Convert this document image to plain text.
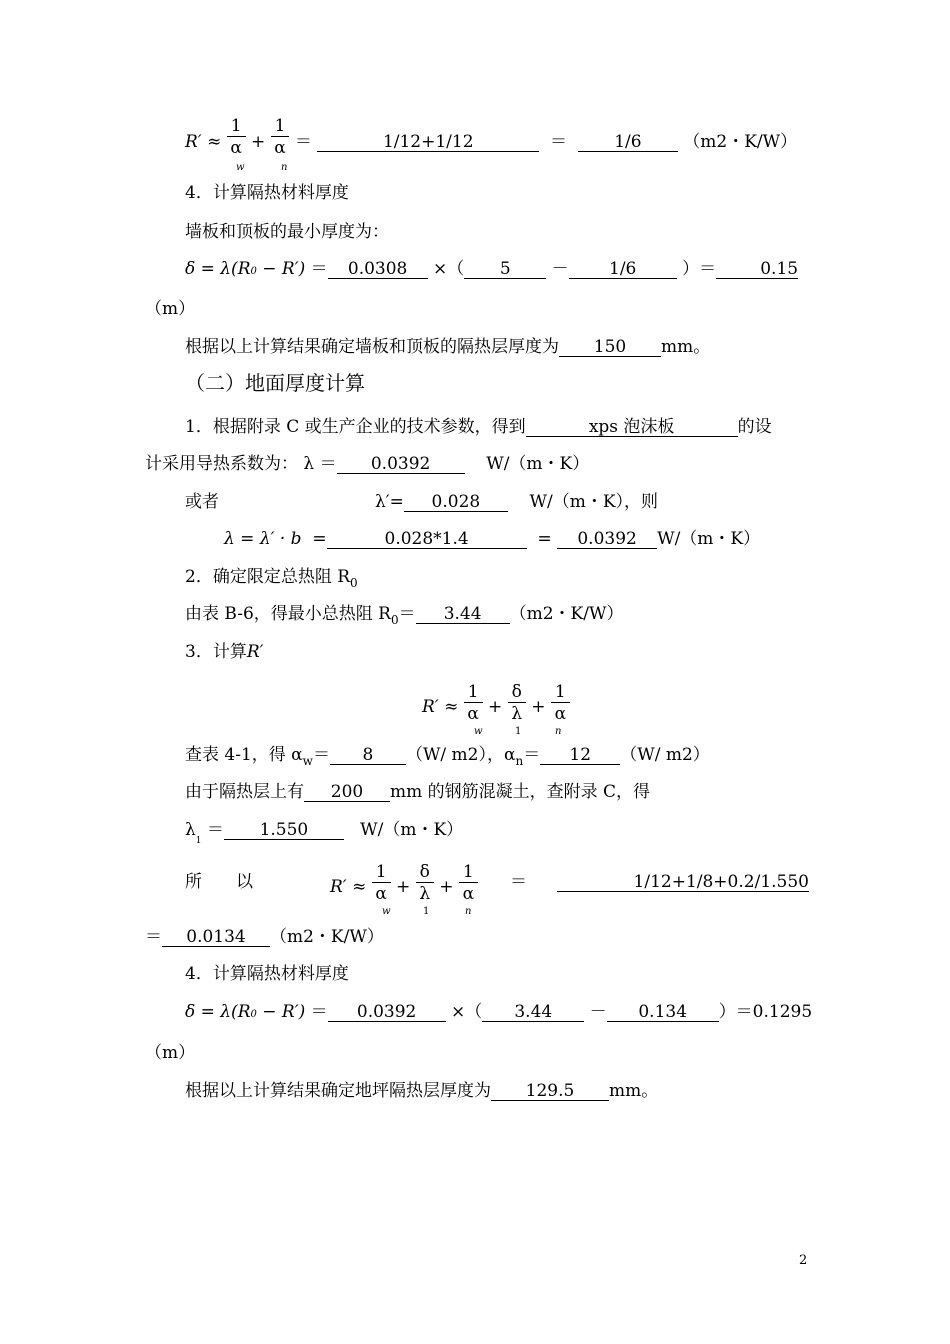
$R' \approx \frac{1}{\alpha} + \frac{1}{\alpha}$ ＝	1/12+1/12	＝  1/6 （m2・K/W）
w	n
4．计算隔热材料厚度
墙板和顶板的最小厚度为：
δ = λ(R0 − R′) ＝ 0.0308 ×（ 5 － 1/6 ）＝	0.15
（m）
根据以上计算结果确定墙板和顶板的隔热层厚度为 150 mm。
（二）地面厚度计算
1．根据附录 C 或生产企业的技术参数，得到	xps 泡沫板	的设
计采用导热系数为： λ ＝ 0.0392	W/（m・K）
或者	λ′= 0.028	W/（m・K），则
λ = λ′ · b  =	0.028*1.4	= 0.0392 W/（m・K）
2．确定限定总热阻 $R_0$
由表 B-6，得最小总热阻 $R_0= 3.44$ （m2・K/W）
3．计算R′
$R' \approx \frac{1}{\alpha} + \frac{\delta}{\lambda} + \frac{1}{\alpha}$
w	1	n
查表 4-1，得 $\alpha_w= 8$ （W/ m2），$\alpha_n= 12$ （W/ m2）
由于隔热层上有 200 mm 的钢筋混凝土，查附录 C，得
$\lambda_1 = 1.550$	W/（m・K）
所　　以	$R' \approx \frac{1}{\alpha} + \frac{\delta}{\lambda} + \frac{1}{\alpha}$
w	1	n
＝	1/12+1/8+0.2/1.550
＝ 0.0134 （m2・K/W）
4．计算隔热材料厚度
δ = λ(R0 − R′) ＝ 0.0392 ×（ 3.44 － 0.134 ）＝0.1295
（m）
根据以上计算结果确定地坪隔热层厚度为 129.5 mm。
2
